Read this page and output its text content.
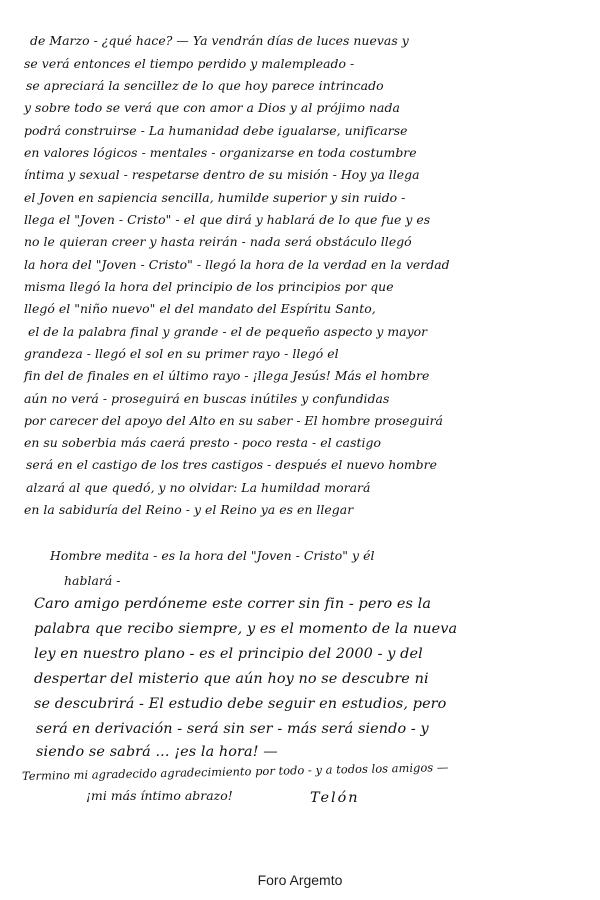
de Marzo - ¿qué hace? — Ya vendrán días de luces nuevas y
se verá entonces el tiempo perdido y malempleado -
se apreciará la sencillez de lo que hoy parece intrincado
y sobre todo se verá que con amor a Dios y al prójimo nada
podrá construirse - La humanidad debe igualarse, unificarse
en valores lógicos - mentales - organizarse en toda costumbre
íntima y sexual - respetarse dentro de su misión - Hoy ya llega
el Joven en sapiencia sencilla, humilde superior y sin ruido -
llega el "Joven - Cristo" - el que dirá y hablará de lo que fue y es
no le quieran creer y hasta reirán - nada será obstáculo llegó
la hora del "Joven - Cristo" - llegó la hora de la verdad en la verdad
misma llegó la hora del principio de los principios por que
llegó el "niño nuevo" el del mandato del Espíritu Santo,
el de la palabra final y grande - el de pequeño aspecto y mayor
grandeza - llegó el sol en su primer rayo - llegó el
fin del de finales en el último rayo - ¡llega Jesús! Más el hombre
aún no verá - proseguirá en buscas inútiles y confundidas
por carecer del apoyo del Alto en su saber - El hombre proseguirá
en su soberbia más caerá presto - poco resta - el castigo
será en el castigo de los tres castigos - después el nuevo hombre
alzará al que quedó, y no olvidar: La humildad morará
en la sabiduría del Reino - y el Reino ya es en llegar
Hombre medita - es la hora del "Joven - Cristo" y él
hablará -
Caro amigo perdóneme este correr sin fin - pero es la
palabra que recibo siempre, y es el momento de la nueva
ley en nuestro plano - es el principio del 2000 - y del
despertar del misterio que aún hoy no se descubre ni
se descubrirá - El estudio debe seguir en estudios, pero
será en derivación - será sin ser - más será siendo - y
siendo se sabrá ... ¡es la hora! —
Termino mi agradecido agradecimiento por todo - y a todos los amigos —
¡mi más íntimo abrazo!	Telón
Foro Argemto
